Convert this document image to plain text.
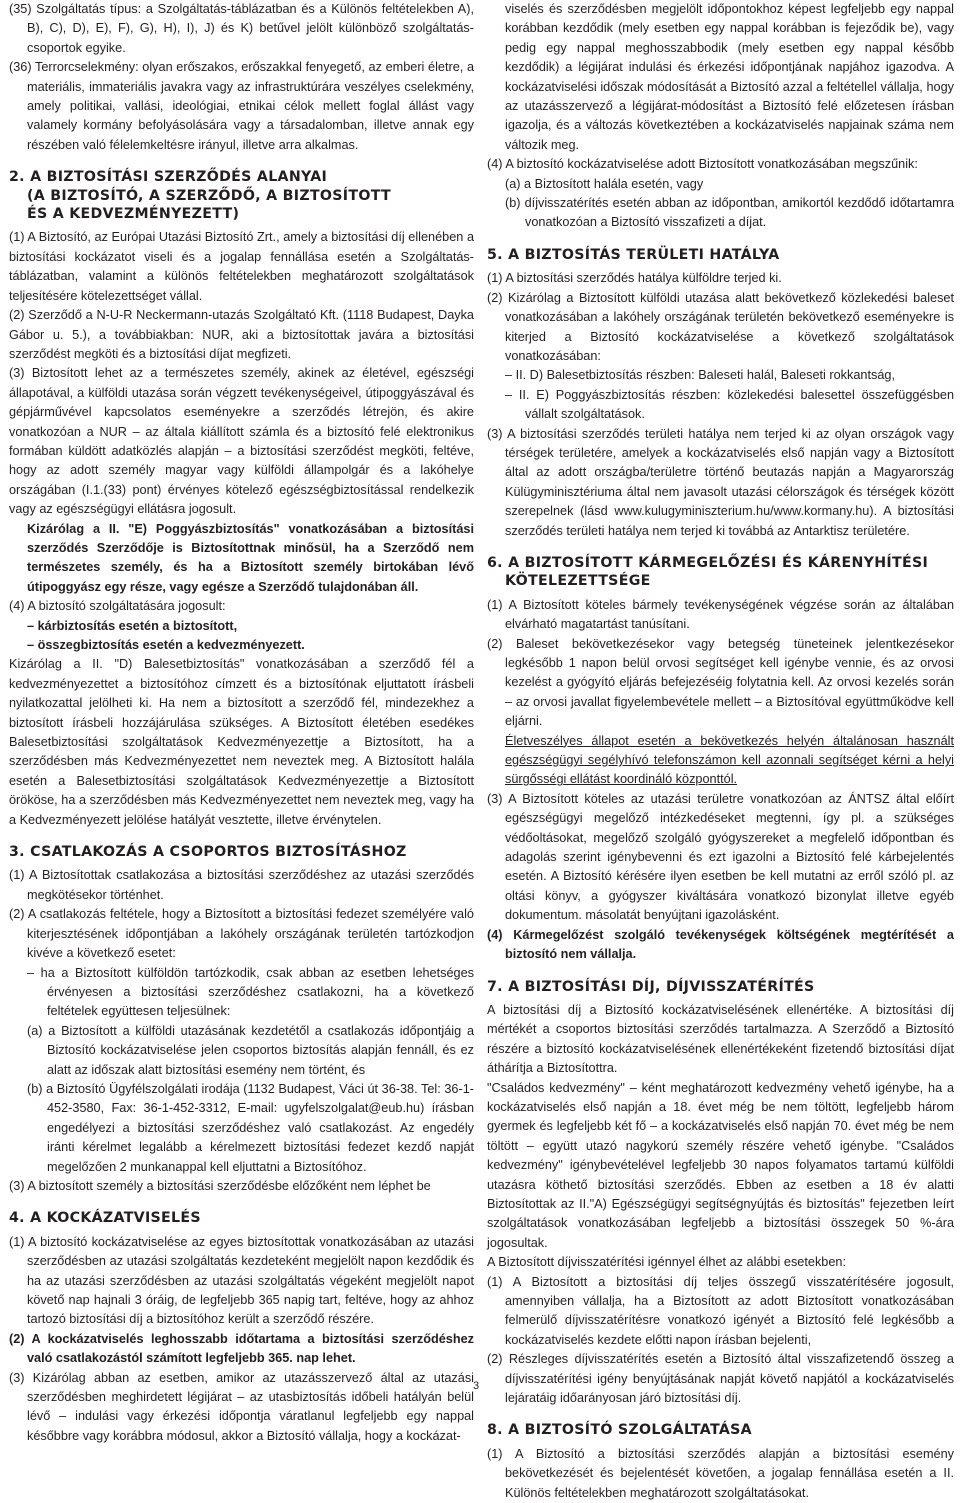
(35) Szolgáltatás típus: a Szolgáltatás-táblázatban és a Különös feltételekben A), B), C), D), E), F), G), H), I), J) és K) betűvel jelölt különböző szolgáltatás-csoportok egyike.

(36) Terrorcselekmény: olyan erőszakos, erőszakkal fenyegető, az emberi életre, a materiális, immateriális javakra vagy az infrastruktúrára veszélyes cselekmény, amely politikai, vallási, ideológiai, etnikai célok mellett foglal állást vagy valamely kormány befolyásolására vagy a társadalomban, illetve annak egy részében való félelemkeltésre irányul, illetve arra alkalmas.

2. A BIZTOSÍTÁSI SZERZŐDÉS ALANYAI
(A BIZTOSÍTÓ, A SZERZŐDŐ, A BIZTOSÍTOTT
ÉS A KEDVEZMÉNYEZETT)

(1) A Biztosító, az Európai Utazási Biztosító Zrt., amely a biztosítási díj ellenében a biztosítási kockázatot viseli és a jogalap fennállása esetén a Szolgáltatás-táblázatban, valamint a különös feltételekben meghatározott szolgáltatások teljesítésére kötelezettséget vállal.

(2) Szerződő a N-U-R Neckermann-utazás Szolgáltató Kft. (1118 Budapest, Dayka Gábor u. 5.), a továbbiakban: NUR, aki a biztosítottak javára a biztosítási szerződést megköti és a biztosítási díjat megfizeti.

(3) Biztosított lehet az a természetes személy, akinek az életével, egészségi állapotával, a külföldi utazása során végzett tevékenységeivel, útipoggyászával és gépjárművével kapcsolatos eseményekre a szerződés létrejön, és akire vonatkozóan a NUR – az általa kiállított számla és a biztosító felé elektronikus formában küldött adatközlés alapján – a biztosítási szerződést megköti, feltéve, hogy az adott személy magyar vagy külföldi állampolgár és a lakóhelye országában (I.1.(33) pont) érvényes kötelező egészségbiztosítással rendelkezik vagy az egészségügyi ellátásra jogosult.

Kizárólag a II. "E) Poggyászbiztosítás" vonatkozásában a biztosítási szerződés Szerződője is Biztosítottnak minősül, ha a Szerződő nem természetes személy, és ha a Biztosított személy birtokában lévő útipoggyász egy része, vagy egésze a Szerződő tulajdonában áll.

(4) A biztosító szolgáltatására jogosult:

– kárbiztosítás esetén a biztosított,

– összegbiztosítás esetén a kedvezményezett.

Kizárólag a II. "D) Balesetbiztosítás" vonatkozásában a szerződő fél a kedvezményezettet a biztosítóhoz címzett és a biztosítónak eljuttatott írásbeli nyilatkozattal jelölheti ki. Ha nem a biztosított a szerződő fél, mindezekhez a biztosított írásbeli hozzájárulása szükséges. A Biztosított életében esedékes Balesetbiztosítási szolgáltatások Kedvezményezettje a Biztosított, ha a szerződésben más Kedvezményezettet nem neveztek meg. A Biztosított halála esetén a Balesetbiztosítási szolgáltatások Kedvezményezettje a Biztosított örököse, ha a szerződésben más Kedvezményezettet nem neveztek meg, vagy ha a Kedvezményezett jelölése hatályát vesztette, illetve érvénytelen.

3. CSATLAKOZÁS A CSOPORTOS BIZTOSÍTÁSHOZ

(1) A Biztosítottak csatlakozása a biztosítási szerződéshez az utazási szerződés megkötésekor történhet.

(2) A csatlakozás feltétele, hogy a Biztosított a biztosítási fedezet személyére való kiterjesztésének időpontjában a lakóhely országának területén tartózkodjon kivéve a következő esetet:

– ha a Biztosított külföldön tartózkodik, csak abban az esetben lehetséges érvényesen a biztosítási szerződéshez csatlakozni, ha a következő feltételek együttesen teljesülnek:

(a) a Biztosított a külföldi utazásának kezdetétől a csatlakozás időpontjáig a Biztosító kockázatviselése jelen csoportos biztosítás alapján fennáll, és ez alatt az időszak alatt biztosítási esemény nem történt, és

(b) a Biztosító Ügyfélszolgálati irodája (1132 Budapest, Váci út 36-38. Tel: 36-1-452-3580, Fax: 36-1-452-3312, E-mail: ugyfelszolgalat@eub.hu) írásban engedélyezi a biztosítási szerződéshez való csatlakozást. Az engedély iránti kérelmet legalább a kérelmezett biztosítási fedezet kezdő napját megelőzően 2 munkanappal kell eljuttatni a Biztosítóhoz.

(3) A biztosított személy a biztosítási szerződésbe előzőként nem léphet be

4. A KOCKÁZATVISELÉS

(1) A biztosító kockázatviselése az egyes biztosítottak vonatkozásában az utazási szerződésben az utazási szolgáltatás kezdeteként megjelölt napon kezdődik és ha az utazási szerződésben az utazási szolgáltatás végeként megjelölt napot követő nap hajnali 3 óráig, de legfeljebb 365 napig tart, feltéve, hogy az ahhoz tartozó biztosítási díj a biztosítóhoz került a szerződő részére.

(2) A kockázatviselés leghosszabb időtartama a biztosítási szerződéshez való csatlakozástól számított legfeljebb 365. nap lehet.

(3) Kizárólag abban az esetben, amikor az utazásszervező által az utazási szerződésben meghirdetett légijárat – az utasbiztosítás időbeli hatályán belül lévő – indulási vagy érkezési időpontja váratlanul legfeljebb egy nappal későbbre vagy korábbra módosul, akkor a Biztosító vállalja, hogy a kockázat-

viselés és szerződésben megjelölt időpontokhoz képest legfeljebb egy nappal korábban kezdődik (mely esetben egy nappal korábban is fejeződik be), vagy pedig egy nappal meghosszabbodik (mely esetben egy nappal később kezdődik) a légijárat indulási és érkezési időpontjának napjához igazodva. A kockázatviselési időszak módosítását a Biztosító azzal a feltétellel vállalja, hogy az utazásszervező a légijárat-módosítást a Biztosító felé előzetesen írásban igazolja, és a változás következtében a kockázatviselés napjainak száma nem változik meg.

(4) A biztosító kockázatviselése adott Biztosított vonatkozásában megszűnik:

(a) a Biztosított halála esetén, vagy

(b) díjvisszatérítés esetén abban az időpontban, amikortól kezdődő időtartamra vonatkozóan a Biztosító visszafizeti a díjat.

5. A BIZTOSÍTÁS TERÜLETI HATÁLYA

(1) A biztosítási szerződés hatálya külföldre terjed ki.

(2) Kizárólag a Biztosított külföldi utazása alatt bekövetkező közlekedési baleset vonatkozásában a lakóhely országának területén bekövetkező eseményekre is kiterjed a Biztosító kockázatviselése a következő szolgáltatások vonatkozásában:

– II. D) Balesetbiztosítás részben: Baleseti halál, Baleseti rokkantság,

– II. E) Poggyászbiztosítás részben: közlekedési balesettel összefüggésben vállalt szolgáltatások.

(3) A biztosítási szerződés területi hatálya nem terjed ki az olyan országok vagy térségek területére, amelyek a kockázatviselés első napján vagy a Biztosított által az adott országba/területre történő beutazás napján a Magyarország Külügyminisztériuma által nem javasolt utazási célországok és térségek között szerepelnek (lásd www.kulugyminiszterium.hu/www.kormany.hu). A biztosítási szerződés területi hatálya nem terjed ki továbbá az Antarktisz területére.

6. A BIZTOSÍTOTT KÁRMEGELŐZÉSI ÉS KÁRENYHÍTÉSI
KÖTELEZETTSÉGE

(1) A Biztosított köteles bármely tevékenységének végzése során az általában elvárható magatartást tanúsítani.

(2) Baleset bekövetkezésekor vagy betegség tüneteinek jelentkezésekor legkésőbb 1 napon belül orvosi segítséget kell igénybe vennie, és az orvosi kezelést a gyógyító eljárás befejezéséig folytatnia kell. Az orvosi kezelés során – az orvosi javallat figyelembevétele mellett – a Biztosítóval együttműködve kell eljárni.

Életveszélyes állapot esetén a bekövetkezés helyén általánosan használt egészségügyi segélyhívó telefonszámon kell azonnali segítséget kérni a helyi sürgősségi ellátást koordináló központtól.

(3) A Biztosított köteles az utazási területre vonatkozóan az ÁNTSZ által előírt egészségügyi megelőző intézkedéseket megtenni, így pl. a szükséges védőoltásokat, megelőző szolgáló gyógyszereket a megfelelő időpontban és adagolás szerint igénybevenni és ezt igazolni a Biztosító felé kárbejelentés esetén. A Biztosító kérésére ilyen esetben be kell mutatni az erről szóló pl. az oltási könyv, a gyógyszer kiváltására vonatkozó bizonylat illetve egyéb dokumentum. másolatát benyújtani igazolásként.

(4) Kármegelőzést szolgáló tevékenységek költségének megtérítését a biztosító nem vállalja.

7. A BIZTOSÍTÁSI DÍJ, DÍJVISSZATÉRÍTÉS

A biztosítási díj a Biztosító kockázatviselésének ellenértéke. A biztosítási díj mértékét a csoportos biztosítási szerződés tartalmazza. A Szerződő a Biztosító részére a biztosító kockázatviselésének ellenértékeként fizetendő biztosítási díjat áthárítja a Biztosítottra.

"Családos kedvezmény" – ként meghatározott kedvezmény vehető igénybe, ha a kockázatviselés első napján a 18. évet még be nem töltött, legfeljebb három gyermek és legfeljebb két fő – a kockázatviselés első napján 70. évet még be nem töltött – együtt utazó nagykorú személy részére vehető igénybe. "Családos kedvezmény" igénybevételével legfeljebb 30 napos folyamatos tartamú külföldi utazásra köthető biztosítási szerződés. Ebben az esetben a 18 év alatti Biztosítottak az II."A) Egészségügyi segítségnyújtás és biztosítás" fejezetben leírt szolgáltatások vonatkozásában legfeljebb a biztosítási összegek 50 %-ára jogosultak.

A Biztosított díjvisszatérítési igénnyel élhet az alábbi esetekben:

(1) A Biztosított a biztosítási díj teljes összegű visszatérítésére jogosult, amennyiben vállalja, ha a Biztosított az adott Biztosított vonatkozásában felmerülő díjvisszatérítésre vonatkozó igényét a Biztosító felé legkésőbb a kockázatviselés kezdete előtti napon írásban bejelenti,

(2) Részleges díjvisszatérítés esetén a Biztosító által visszafizetendő összeg a díjvisszatérítési igény benyújtásának napját követő napjától a kockázatviselés lejáratáig időarányosan járó biztosítási díj.

8. A BIZTOSÍTÓ SZOLGÁLTATÁSA

(1) A Biztosító a biztosítási szerződés alapján a biztosítási esemény bekövetkezését és bejelentését követően, a jogalap fennállása esetén a II. Különös feltételekben meghatározott szolgáltatásokat.

3
